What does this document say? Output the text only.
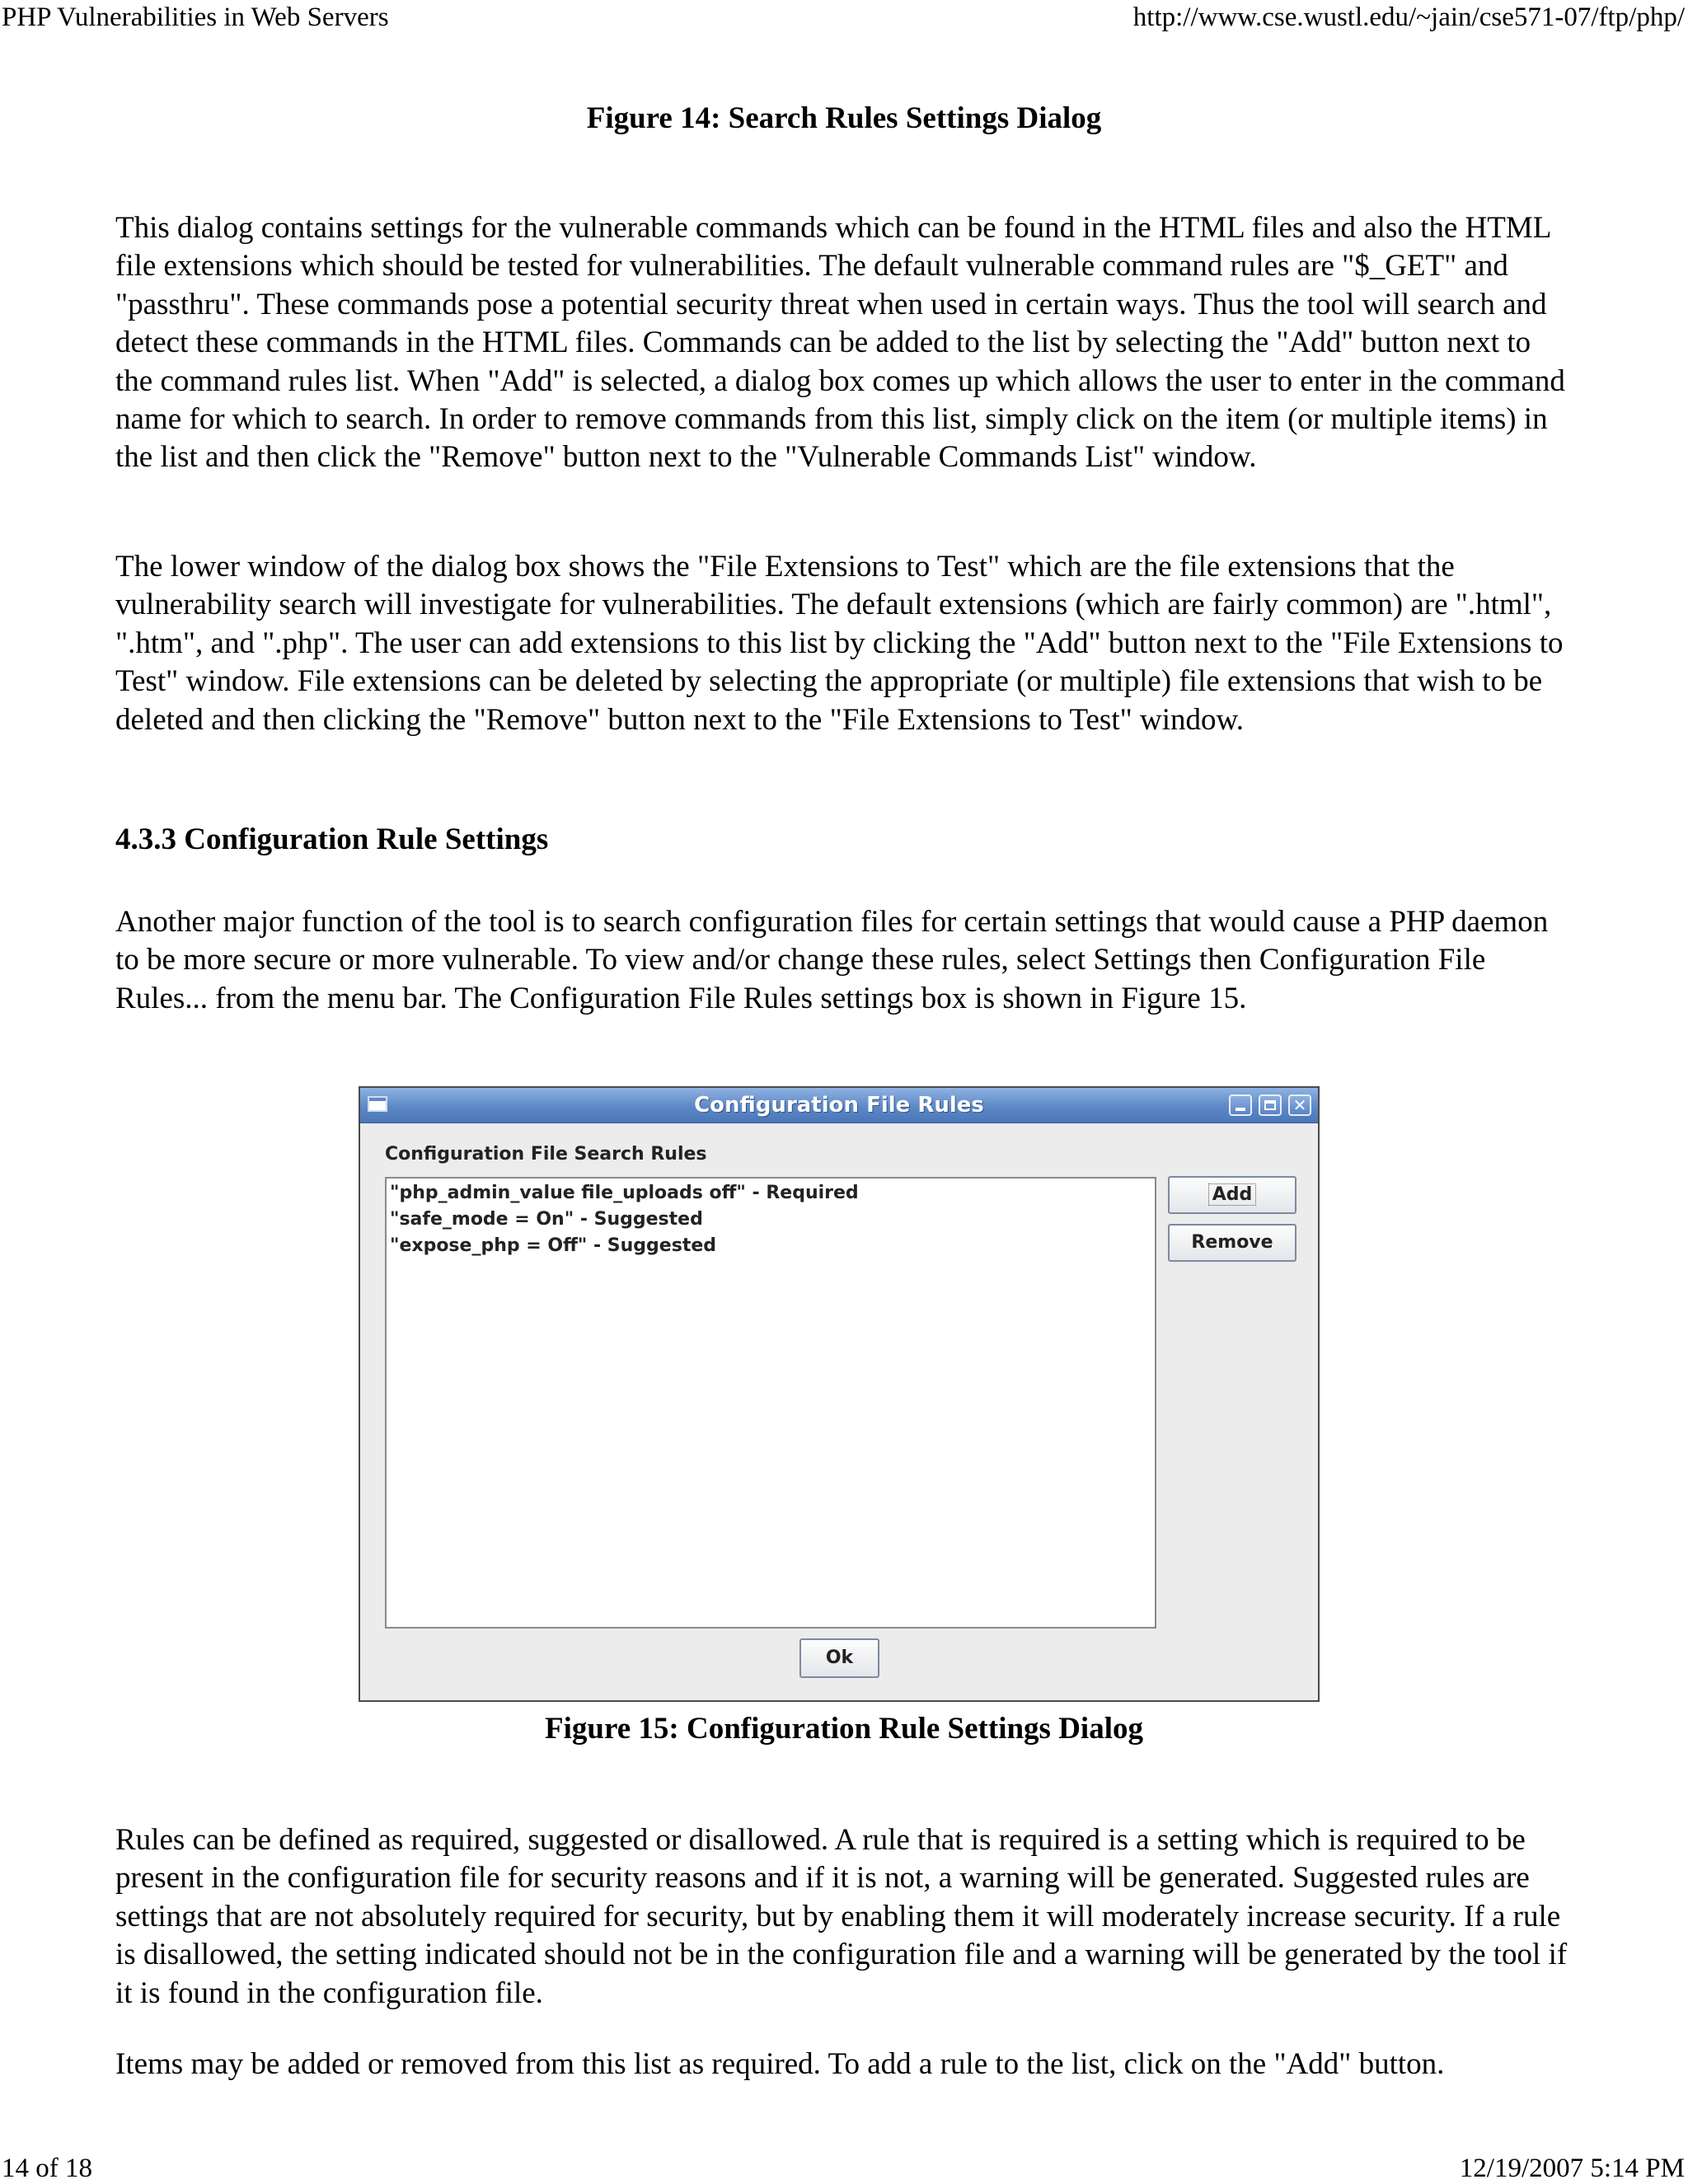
PHP Vulnerabilities in Web Servers	http://www.cse.wustl.edu/~jain/cse571-07/ftp/php/
Figure 14: Search Rules Settings Dialog

This dialog contains settings for the vulnerable commands which can be found in the HTML files and also the HTML file extensions which should be tested for vulnerabilities. The default vulnerable command rules are "$_GET" and "passthru". These commands pose a potential security threat when used in certain ways. Thus the tool will search and detect these commands in the HTML files. Commands can be added to the list by selecting the "Add" button next to the command rules list. When "Add" is selected, a dialog box comes up which allows the user to enter in the command name for which to search. In order to remove commands from this list, simply click on the item (or multiple items) in the list and then click the "Remove" button next to the "Vulnerable Commands List" window.

The lower window of the dialog box shows the "File Extensions to Test" which are the file extensions that the vulnerability search will investigate for vulnerabilities. The default extensions (which are fairly common) are ".html", ".htm", and ".php". The user can add extensions to this list by clicking the "Add" button next to the "File Extensions to Test" window. File extensions can be deleted by selecting the appropriate (or multiple) file extensions that wish to be deleted and then clicking the "Remove" button next to the "File Extensions to Test" window.

4.3.3 Configuration Rule Settings

Another major function of the tool is to search configuration files for certain settings that would cause a PHP daemon to be more secure or more vulnerable. To view and/or change these rules, select Settings then Configuration File Rules... from the menu bar. The Configuration File Rules settings box is shown in Figure 15.

Configuration File Rules	✕
Configuration File Search Rules
"php_admin_value file_uploads off" - Required
"safe_mode = On" - Suggested
"expose_php = Off" - Suggested
Add
Remove
Ok
Figure 15: Configuration Rule Settings Dialog

Rules can be defined as required, suggested or disallowed. A rule that is required is a setting which is required to be present in the configuration file for security reasons and if it is not, a warning will be generated. Suggested rules are settings that are not absolutely required for security, but by enabling them it will moderately increase security. If a rule is disallowed, the setting indicated should not be in the configuration file and a warning will be generated by the tool if it is found in the configuration file.

Items may be added or removed from this list as required. To add a rule to the list, click on the "Add" button.

14 of 18	12/19/2007 5:14 PM
